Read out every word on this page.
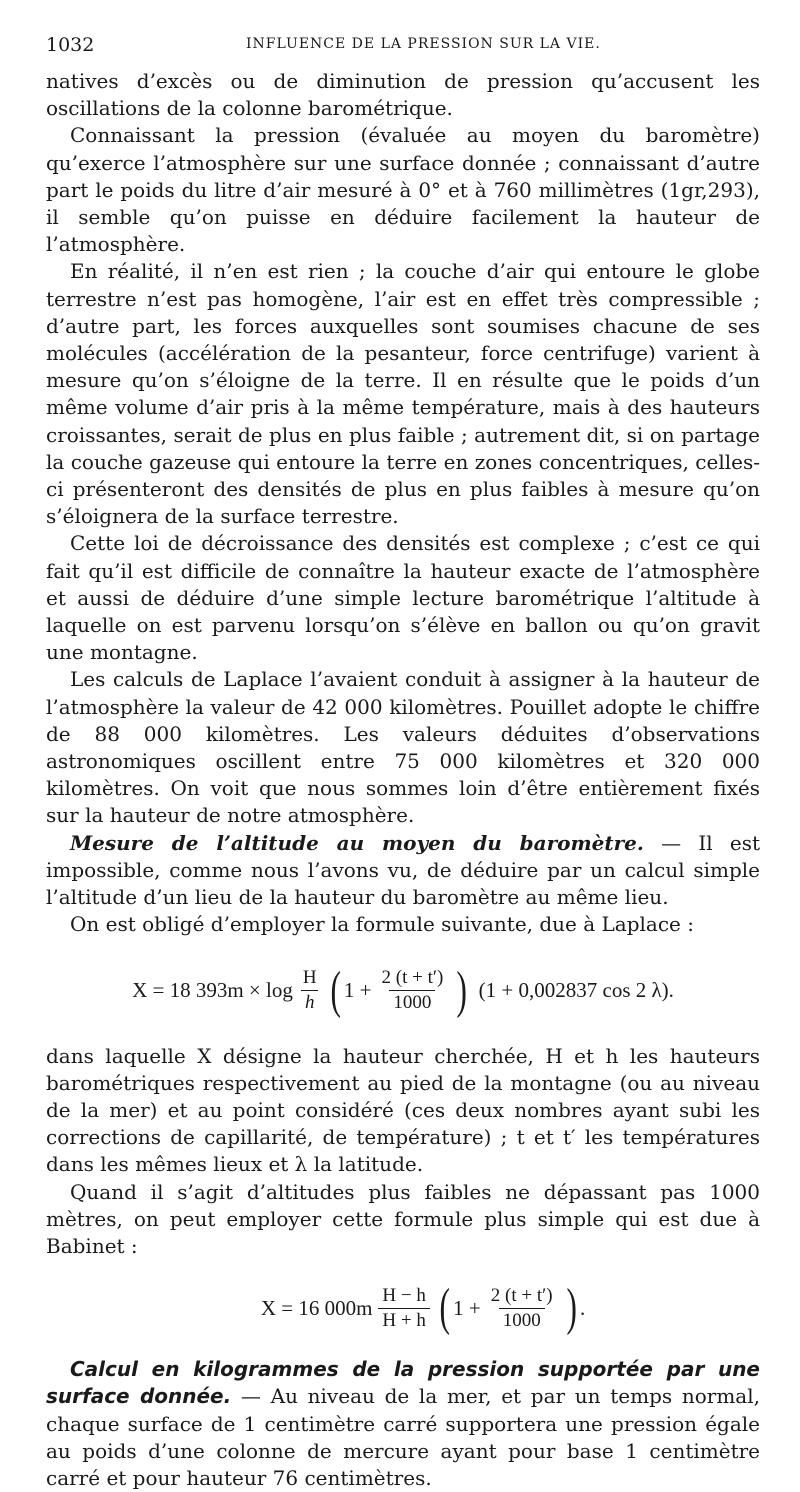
1032	INFLUENCE DE LA PRESSION SUR LA VIE.

natives d’excès ou de diminution de pression qu’accusent les oscillations de la colonne barométrique.

Connaissant la pression (évaluée au moyen du baromètre) qu’exerce l’atmosphère sur une surface donnée ; connaissant d’autre part le poids du litre d’air mesuré à 0° et à 760 millimètres (1gr,293), il semble qu’on puisse en déduire facilement la hauteur de l’atmosphère.

En réalité, il n’en est rien ; la couche d’air qui entoure le globe terrestre n’est pas homogène, l’air est en effet très compressible ; d’autre part, les forces auxquelles sont soumises chacune de ses molécules (accélération de la pesanteur, force centrifuge) varient à mesure qu’on s’éloigne de la terre. Il en résulte que le poids d’un même volume d’air pris à la même température, mais à des hauteurs croissantes, serait de plus en plus faible ; autrement dit, si on partage la couche gazeuse qui entoure la terre en zones concentriques, celles-ci présenteront des densités de plus en plus faibles à mesure qu’on s’éloignera de la surface terrestre.

Cette loi de décroissance des densités est complexe ; c’est ce qui fait qu’il est difficile de connaître la hauteur exacte de l’atmosphère et aussi de déduire d’une simple lecture barométrique l’altitude à laquelle on est parvenu lorsqu’on s’élève en ballon ou qu’on gravit une montagne.

Les calculs de Laplace l’avaient conduit à assigner à la hauteur de l’atmosphère la valeur de 42 000 kilomètres. Pouillet adopte le chiffre de 88 000 kilomètres. Les valeurs déduites d’observations astronomiques oscillent entre 75 000 kilomètres et 320 000 kilomètres. On voit que nous sommes loin d’être entièrement fixés sur la hauteur de notre atmosphère.

Mesure de l’altitude au moyen du baromètre. — Il est impossible, comme nous l’avons vu, de déduire par un calcul simple l’altitude d’un lieu de la hauteur du baromètre au même lieu.

On est obligé d’employer la formule suivante, due à Laplace :

X = 18 $393m \times \log \frac{H}{h}$ ( $1 + \frac{2 (t + t')}{1000}$ ) (1 + 0,002837 cos 2 λ).

dans laquelle X désigne la hauteur cherchée, H et h les hauteurs barométriques respectivement au pied de la montagne (ou au niveau de la mer) et au point considéré (ces deux nombres ayant subi les corrections de capillarité, de température) ; t et t′ les températures dans les mêmes lieux et λ la latitude.

Quand il s’agit d’altitudes plus faibles ne dépassant pas 1000 mètres, on peut employer cette formule plus simple qui est due à Babinet :

X = 16 $000m \frac{H - h}{H + h}$ ( $1 + \frac{2 (t + t')}{1000}$ ) .

Calcul en kilogrammes de la pression supportée par une surface donnée. — Au niveau de la mer, et par un temps normal, chaque surface de 1 centimètre carré supportera une pression égale au poids d’une colonne de mercure ayant pour base 1 centimètre carré et pour hauteur 76 centimètres.
